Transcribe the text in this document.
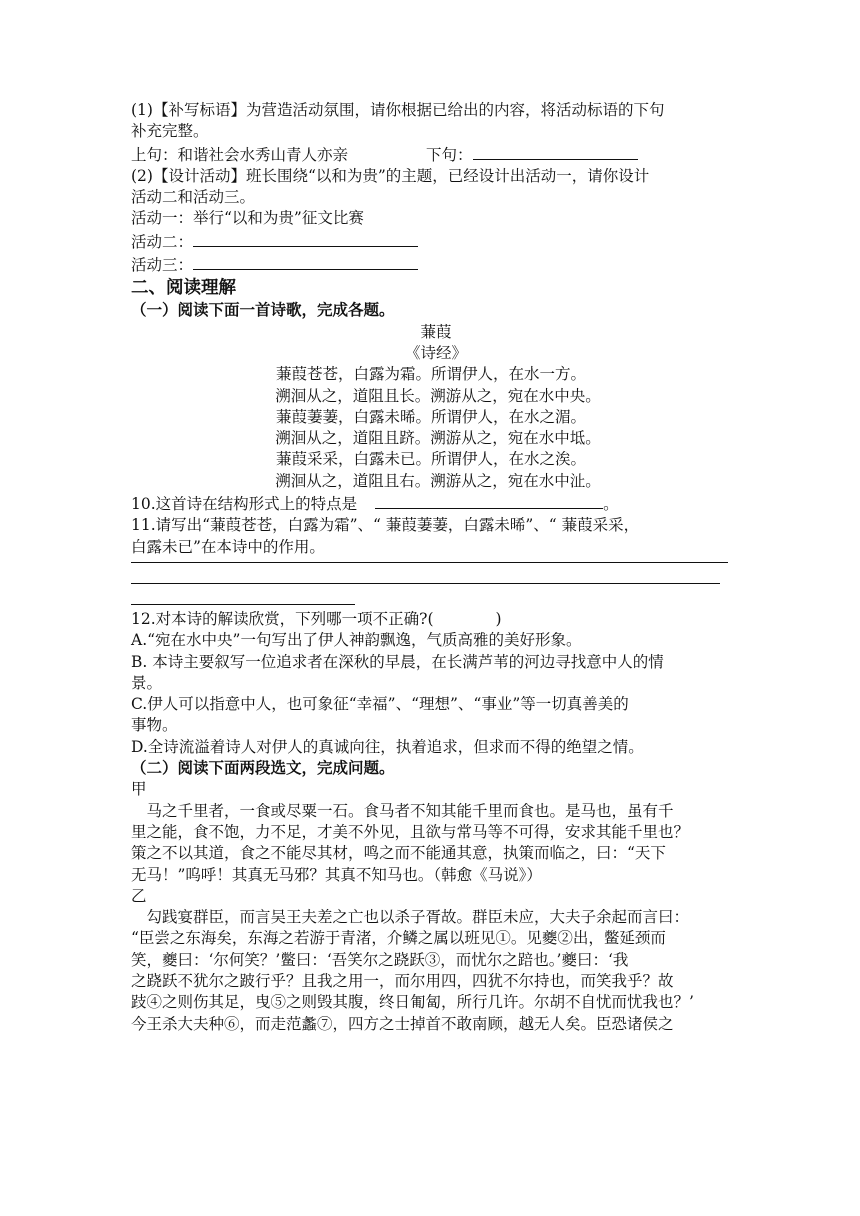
(1)【补写标语】为营造活动氛围，请你根据已给出的内容，将活动标语的下句
补充完整。
上句：和谐社会水秀山青人亦亲	下句：
(2)【设计活动】班长围绕“以和为贵”的主题，已经设计出活动一，请你设计
活动二和活动三。
活动一：举行“以和为贵”征文比赛
活动二：
活动三：
二、阅读理解
（一）阅读下面一首诗歌，完成各题。
蒹葭
《诗经》
蒹葭苍苍，白露为霜。所谓伊人，在水一方。
溯洄从之，道阻且长。溯游从之，宛在水中央。
蒹葭萋萋，白露未晞。所谓伊人，在水之湄。
溯洄从之，道阻且跻。溯游从之，宛在水中坻。
蒹葭采采，白露未已。所谓伊人，在水之涘。
溯洄从之，道阻且右。溯游从之，宛在水中沚。
10.这首诗在结构形式上的特点是	。
11.请写出“蒹葭苍苍，白露为霜”、“ 蒹葭萋萋，白露未晞”、“ 蒹葭采采，
白露未已”在本诗中的作用。
12.对本诗的解读欣赏，下列哪一项不正确?(	)
A.“宛在水中央”一句写出了伊人神韵飘逸，气质高雅的美好形象。
B. 本诗主要叙写一位追求者在深秋的早晨，在长满芦苇的河边寻找意中人的情
景。
C.伊人可以指意中人，也可象征“幸福”、“理想”、“事业”等一切真善美的
事物。
D.全诗流溢着诗人对伊人的真诚向往，执着追求，但求而不得的绝望之情。
（二）阅读下面两段选文，完成问题。
甲
马之千里者，一食或尽粟一石。食马者不知其能千里而食也。是马也，虽有千
里之能，食不饱，力不足，才美不外见，且欲与常马等不可得，安求其能千里也？
策之不以其道，食之不能尽其材，鸣之而不能通其意，执策而临之，曰：“天下
无马！”呜呼！其真无马邪？其真不知马也。（韩愈《马说》）
乙
勾践宴群臣，而言吴王夫差之亡也以杀子胥故。群臣未应，大夫子余起而言曰：
“臣尝之东海矣，东海之若游于青渚，介鳞之属以班见①。见夔②出，鳖延颈而
笑，夔曰：‘尔何笑？’鳖曰：‘吾笑尔之跷跃③，而忧尔之踣也。’夔曰：‘我
之跷跃不犹尔之跛行乎？且我之用一，而尔用四，四犹不尔持也，而笑我乎？故
跂④之则伤其足，曳⑤之则毁其腹，终日匍匐，所行几许。尔胡不自忧而忧我也？’
今王杀大夫种⑥，而走范蠡⑦，四方之士掉首不敢南顾，越无人矣。臣恐诸侯之
